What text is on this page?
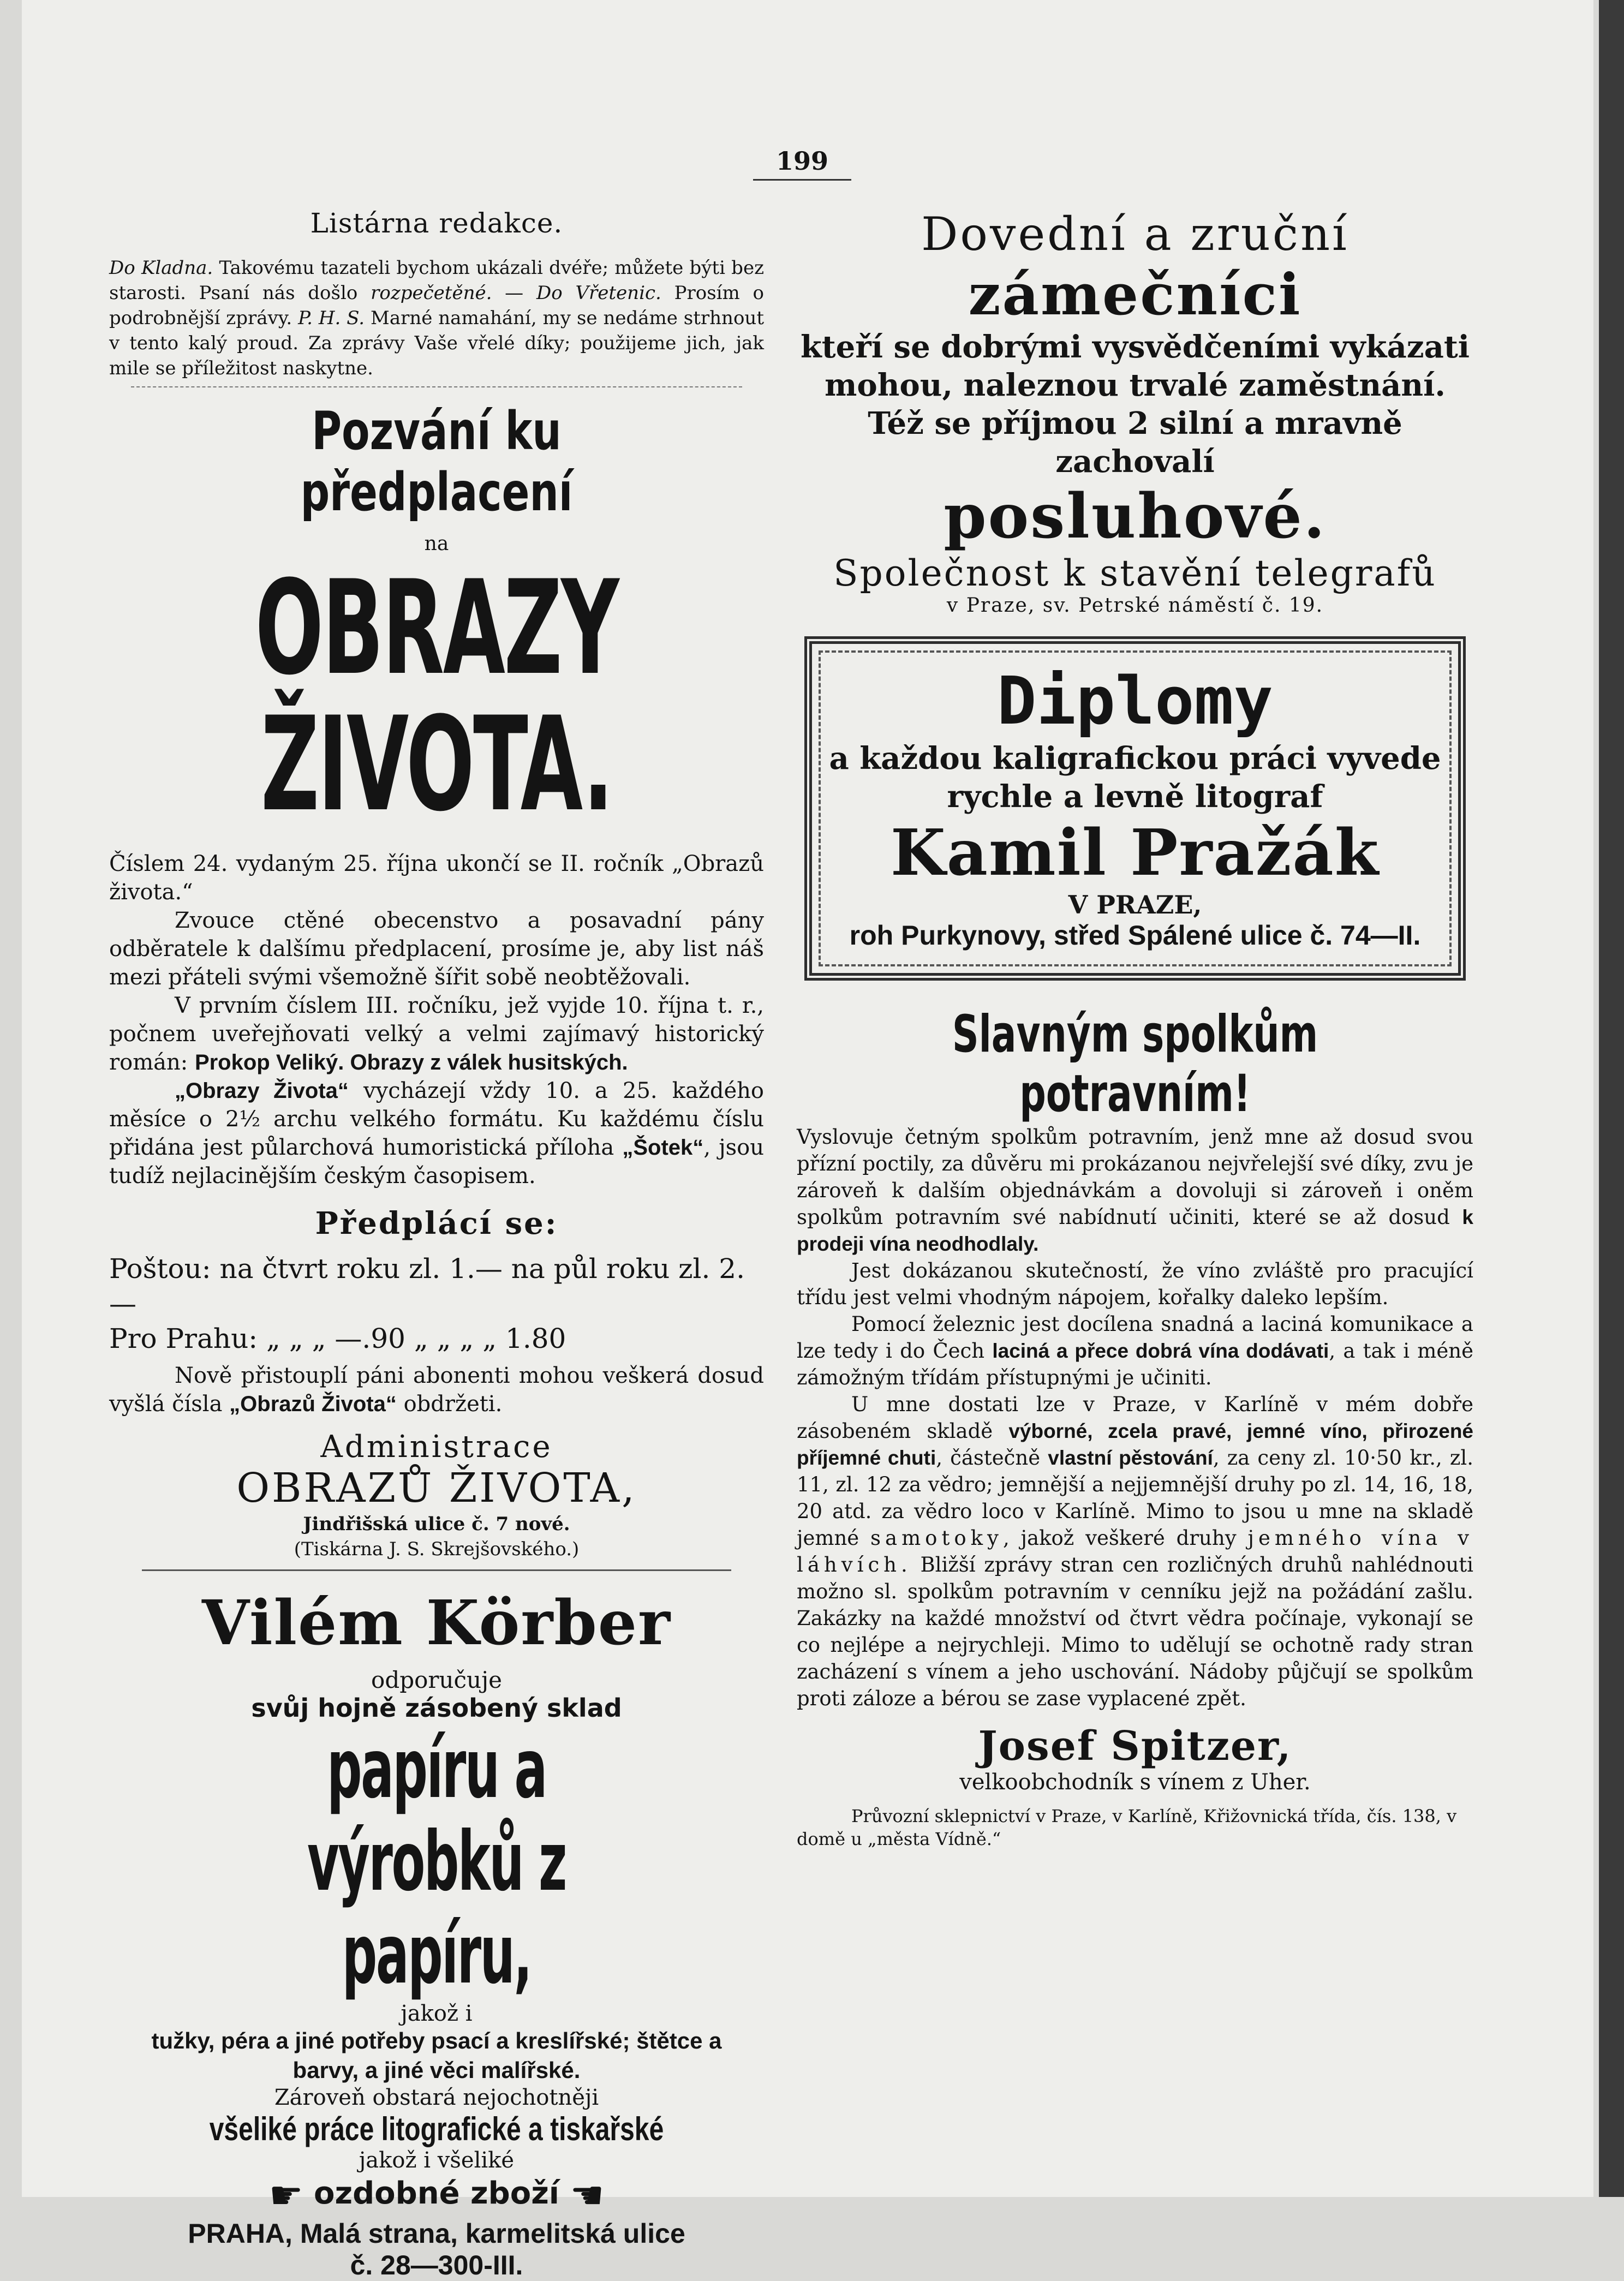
199
Listárna redakce.

Do Kladna. Takovému tazateli bychom ukázali dvéře; můžete býti bez starosti. Psaní nás došlo rozpečetěné. — Do Vřetenic. Prosím o podrobnější zprávy. P. H. S. Marné namahání, my se nedáme strhnout v tento kalý proud. Za zprávy Vaše vřelé díky; použijeme jich, jak mile se příležitost naskytne.

Pozvání ku předplacení
na
OBRAZY ŽIVOTA.

Číslem 24. vydaným 25. října ukončí se II. ročník „Obrazů života.“

Zvouce ctěné obecenstvo a posavadní pány odběratele k dalšímu předplacení, prosíme je, aby list náš mezi přáteli svými všemožně šířit sobě neobtěžovali.

V prvním číslem III. ročníku, jež vyjde 10. října t. r., počnem uveřejňovati velký a velmi zajímavý historický román: Prokop Veliký. Obrazy z válek husitských.

„Obrazy Života“ vycházejí vždy 10. a 25. každého měsíce o 2½ archu velkého formátu. Ku každému číslu přidána jest půlarchová humoristická příloha „Šotek“, jsou tudíž nejlacinějším českým časopisem.

Předplácí se:
Poštou: na čtvrt roku zl. 1.— na půl roku zl. 2.—
Pro Prahu: „ „ „ —.90 „ „ „ „ 1.80

Nově přistouplí páni abonenti mohou veškerá dosud vyšlá čísla „Obrazů Života“ obdržeti.

Administrace
OBRAZŮ ŽIVOTA,
Jindřišská ulice č. 7 nové.
(Tiskárna J. S. Skrejšovského.)
Vilém Körber
odporučuje
svůj hojně zásobený sklad
papíru a výrobků z papíru,
jakož i
tužky, péra a jiné potřeby psací a kreslířské; štětce a barvy, a jiné věci malířské.
Zároveň obstará nejochotněji
všeliké práce litografické a tiskařské
jakož i všeliké
☛ ozdobné zboží ☚
PRAHA, Malá strana, karmelitská ulice
č. 28—300-III.
Dovední a zruční
zámečníci
kteří se dobrými vysvědčeními vykázati
mohou, naleznou trvalé zaměstnání.
Též se příjmou 2 silní a mravně zachovalí
posluhové.
Společnost k stavění telegrafů
v Praze, sv. Petrské náměstí č. 19.
Diplomy
a každou kaligrafickou práci vyvede
rychle a levně litograf
Kamil Pražák
V PRAZE,
roh Purkynovy, střed Spálené ulice č. 74—II.
Slavným spolkům potravním!

Vyslovuje četným spolkům potravním, jenž mne až dosud svou přízní poctily, za důvěru mi prokázanou nejvřelejší své díky, zvu je zároveň k dalším objednávkám a dovoluji si zároveň i oněm spolkům potravním své nabídnutí učiniti, které se až dosud k prodeji vína neodhodlaly.

Jest dokázanou skutečností, že víno zvláště pro pracující třídu jest velmi vhodným nápojem, kořalky daleko lepším.

Pomocí železnic jest docílena snadná a laciná komunikace a lze tedy i do Čech laciná a přece dobrá vína dodávati, a tak i méně zámožným třídám přístupnými je učiniti.

U mne dostati lze v Praze, v Karlíně v mém dobře zásobeném skladě výborné, zcela pravé, jemné víno, přirozené příjemné chuti, částečně vlastní pěstování, za ceny zl. 10·50 kr., zl. 11, zl. 12 za vědro; jemnější a nejjemnější druhy po zl. 14, 16, 18, 20 atd. za vědro loco v Karlíně. Mimo to jsou u mne na skladě jemné samotoky, jakož veškeré druhy jemného vína v láhvích. Bližší zprávy stran cen rozličných druhů nahlédnouti možno sl. spolkům potravním v cenníku jejž na požádání zašlu. Zakázky na každé množství od čtvrt vědra počínaje, vykonají se co nejlépe a nejrychleji. Mimo to udělují se ochotně rady stran zacházení s vínem a jeho uschování. Nádoby půjčují se spolkům proti záloze a bérou se zase vyplacené zpět.

Josef Spitzer,
velkoobchodník s vínem z Uher.

Průvozní sklepnictví v Praze, v Karlíně, Křižovnická třída, čís. 138, v domě u „města Vídně.“
